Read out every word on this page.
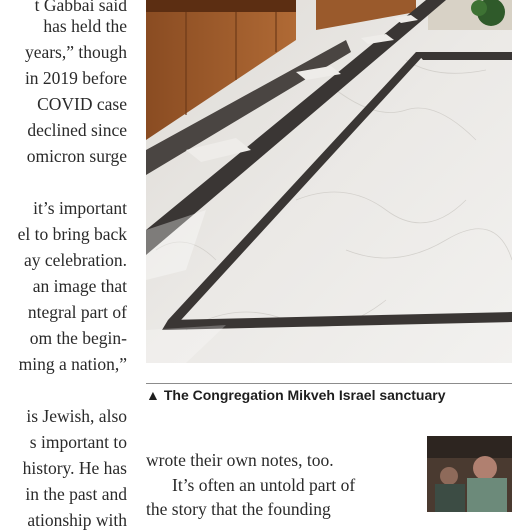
t Gabbai said
has held the
years,” though
in 2019 before
COVID case
declined since
omicron surge
it’s important
el to bring back
ay celebration.
an image that
ntegral part of
om the begin-
ming a nation,”
is Jewish, also
s important to
history. He has
in the past and
ationship with
▲ The Congregation Mikveh Israel sanctuary
wrote their own notes, too.
It’s often an untold part of
the story that the founding
